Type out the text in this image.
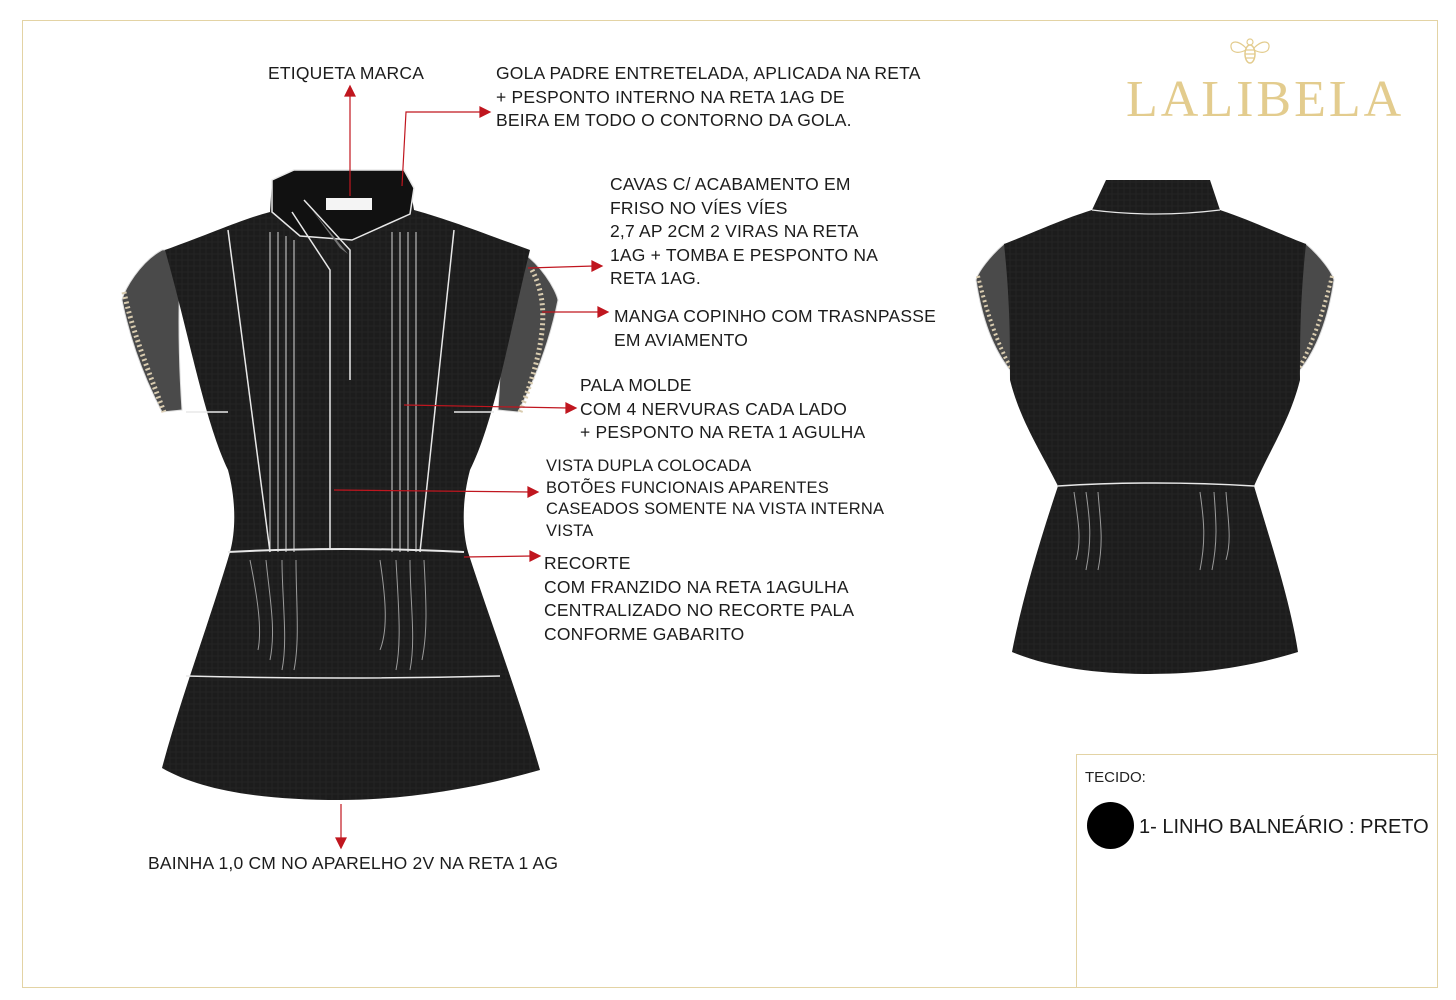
LALIBELA
ETIQUETA MARCA	GOLA PADRE ENTRETELADA, APLICADA NA RETA
+ PESPONTO INTERNO NA RETA 1AG DE
BEIRA EM TODO O CONTORNO DA GOLA.
CAVAS C/ ACABAMENTO EM
FRISO NO VÍES VÍES
2,7 AP 2CM 2 VIRAS NA RETA
1AG + TOMBA E PESPONTO NA
RETA 1AG.
MANGA COPINHO COM TRASNPASSE
EM AVIAMENTO
PALA MOLDE
COM 4 NERVURAS CADA LADO
+ PESPONTO NA RETA 1 AGULHA
VISTA DUPLA COLOCADA
BOTÕES FUNCIONAIS APARENTES
CASEADOS SOMENTE NA VISTA INTERNA
VISTA
RECORTE
COM FRANZIDO NA RETA 1AGULHA
CENTRALIZADO NO RECORTE PALA
CONFORME GABARITO
BAINHA 1,0 CM NO APARELHO 2V NA RETA 1 AG
TECIDO:
1- LINHO BALNEÁRIO : PRETO
